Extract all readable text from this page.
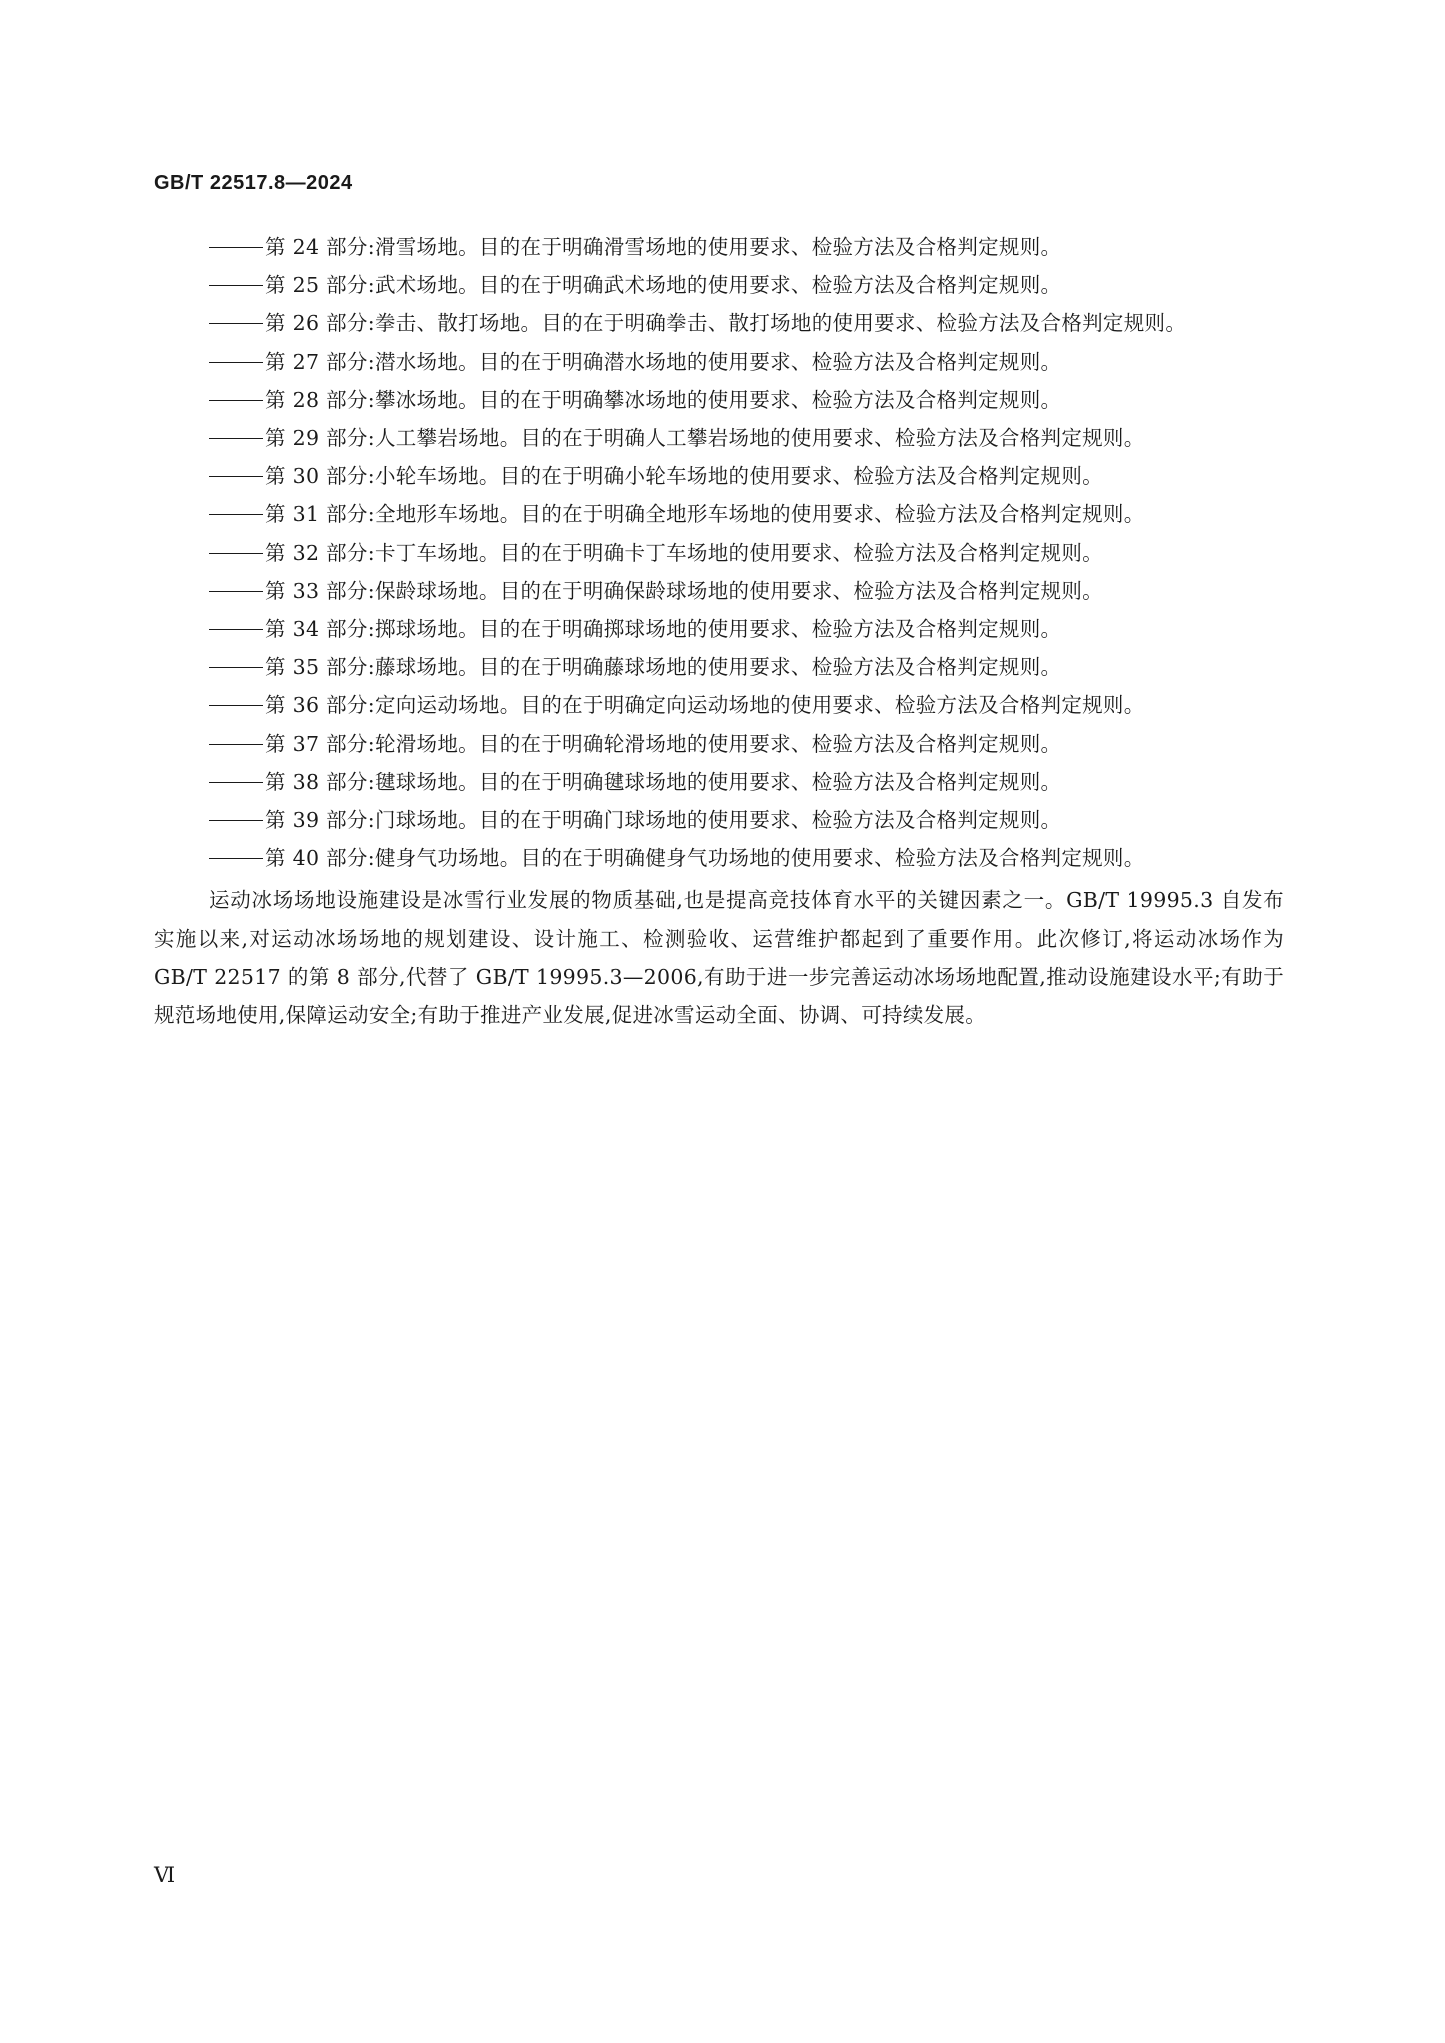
GB/T 22517.8—2024
第 24 部分:滑雪场地。目的在于明确滑雪场地的使用要求、检验方法及合格判定规则。
第 25 部分:武术场地。目的在于明确武术场地的使用要求、检验方法及合格判定规则。
第 26 部分:拳击、散打场地。目的在于明确拳击、散打场地的使用要求、检验方法及合格判定规则。
第 27 部分:潜水场地。目的在于明确潜水场地的使用要求、检验方法及合格判定规则。
第 28 部分:攀冰场地。目的在于明确攀冰场地的使用要求、检验方法及合格判定规则。
第 29 部分:人工攀岩场地。目的在于明确人工攀岩场地的使用要求、检验方法及合格判定规则。
第 30 部分:小轮车场地。目的在于明确小轮车场地的使用要求、检验方法及合格判定规则。
第 31 部分:全地形车场地。目的在于明确全地形车场地的使用要求、检验方法及合格判定规则。
第 32 部分:卡丁车场地。目的在于明确卡丁车场地的使用要求、检验方法及合格判定规则。
第 33 部分:保龄球场地。目的在于明确保龄球场地的使用要求、检验方法及合格判定规则。
第 34 部分:掷球场地。目的在于明确掷球场地的使用要求、检验方法及合格判定规则。
第 35 部分:藤球场地。目的在于明确藤球场地的使用要求、检验方法及合格判定规则。
第 36 部分:定向运动场地。目的在于明确定向运动场地的使用要求、检验方法及合格判定规则。
第 37 部分:轮滑场地。目的在于明确轮滑场地的使用要求、检验方法及合格判定规则。
第 38 部分:毽球场地。目的在于明确毽球场地的使用要求、检验方法及合格判定规则。
第 39 部分:门球场地。目的在于明确门球场地的使用要求、检验方法及合格判定规则。
第 40 部分:健身气功场地。目的在于明确健身气功场地的使用要求、检验方法及合格判定规则。

运动冰场场地设施建设是冰雪行业发展的物质基础,也是提高竞技体育水平的关键因素之一。GB/T 19995.3 自发布实施以来,对运动冰场场地的规划建设、设计施工、检测验收、运营维护都起到了重要作用。此次修订,将运动冰场作为 GB/T 22517 的第 8 部分,代替了 GB/T 19995.3—2006,有助于进一步完善运动冰场场地配置,推动设施建设水平;有助于规范场地使用,保障运动安全;有助于推进产业发展,促进冰雪运动全面、协调、可持续发展。

Ⅵ
